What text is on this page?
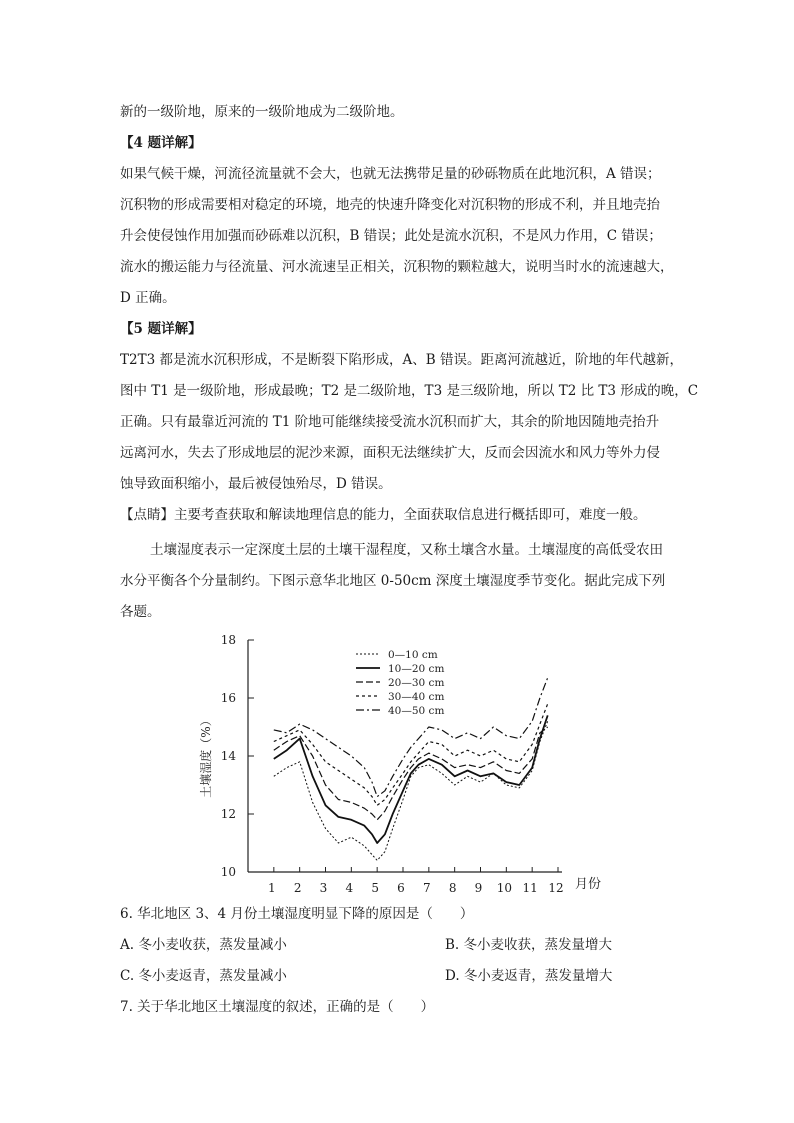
新的一级阶地，原来的一级阶地成为二级阶地。
【4 题详解】
如果气候干燥，河流径流量就不会大，也就无法携带足量的砂砾物质在此地沉积，A 错误；
沉积物的形成需要相对稳定的环境，地壳的快速升降变化对沉积物的形成不利，并且地壳抬
升会使侵蚀作用加强而砂砾难以沉积，B 错误；此处是流水沉积，不是风力作用，C 错误；
流水的搬运能力与径流量、河水流速呈正相关，沉积物的颗粒越大，说明当时水的流速越大，
D 正确。
【5 题详解】
T2T3 都是流水沉积形成，不是断裂下陷形成，A、B 错误。距离河流越近，阶地的年代越新，
图中 T1 是一级阶地，形成最晚；T2 是二级阶地，T3 是三级阶地，所以 T2 比 T3 形成的晚，C
正确。只有最靠近河流的 T1 阶地可能继续接受流水沉积而扩大，其余的阶地因随地壳抬升
远离河水，失去了形成地层的泥沙来源，面积无法继续扩大，反而会因流水和风力等外力侵
蚀导致面积缩小，最后被侵蚀殆尽，D 错误。
【点睛】主要考查获取和解读地理信息的能力，全面获取信息进行概括即可，难度一般。
土壤湿度表示一定深度土层的土壤干湿程度，又称土壤含水量。土壤湿度的高低受农田
水分平衡各个分量制约。下图示意华北地区 0-50cm 深度土壤湿度季节变化。据此完成下列
各题。
10
12
14
16
18
1 2 3 4 5 6 7 8 9 10 11 12 月份
土壤湿度（%）
0—10 cm
10—20 cm
20—30 cm
30—40 cm
40—50 cm
6. 华北地区 3、4 月份土壤湿度明显下降的原因是（　　）
A. 冬小麦收获，蒸发量减小	B. 冬小麦收获，蒸发量增大
C. 冬小麦返青，蒸发量减小	D. 冬小麦返青，蒸发量增大
7. 关于华北地区土壤湿度的叙述，正确的是（　　）
